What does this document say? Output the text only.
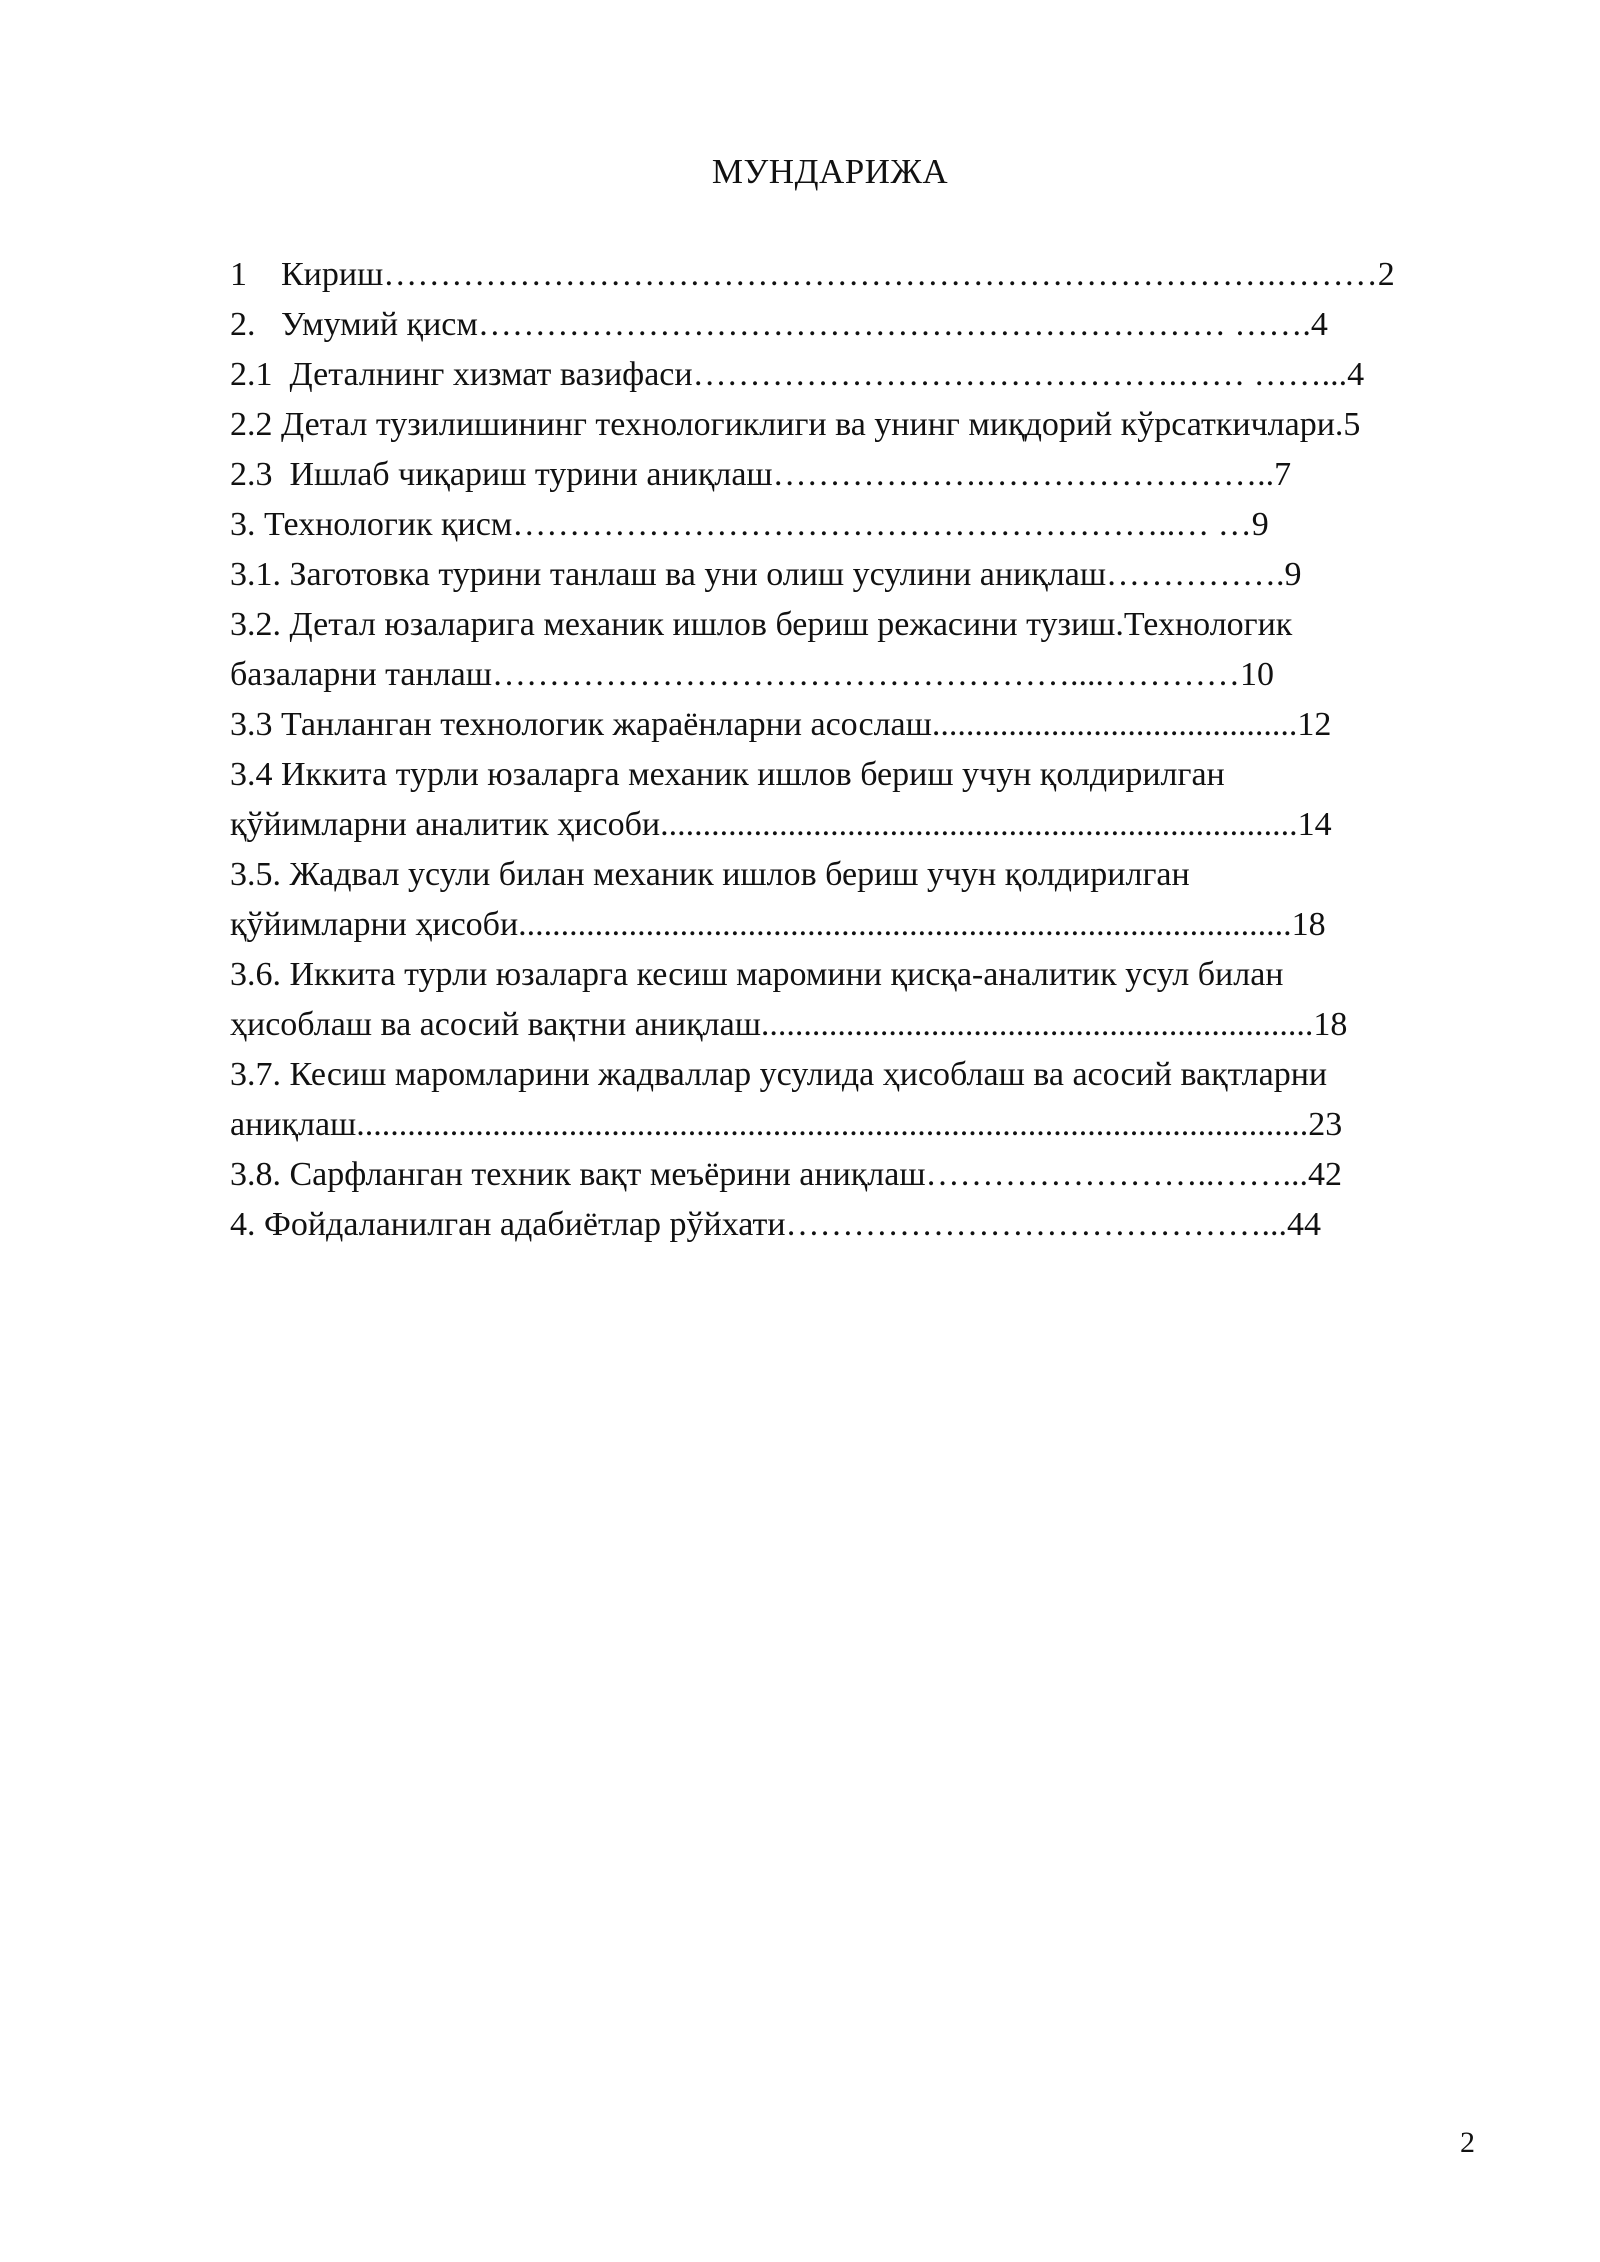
МУНДАРИЖА
1    Кириш…………………………………………………………………….………2
2.   Умумий қисм………………………………………………………… …….4
2.1  Деталнинг хизмат вазифаси…………………………………….…… ……...4
2.2 Детал тузилишининг технологиклиги ва унинг миқдорий кўрсаткичлари.5
2.3  Ишлаб чиқариш турини аниқлаш……………….……………………..7
3. Технологик қисм…………………………………………………..… …9
3.1. Заготовка турини танлаш ва уни олиш усулини аниқлаш…………….9
3.2. Детал юзаларига механик ишлов бериш режасини тузиш.Технологик
базаларни танлаш……………………………………………....…………10
3.3 Танланган технологик жараёнларни асослаш...........................................12
3.4 Иккита турли юзаларга механик ишлов бериш учун қолдирилган
қўйимларни аналитик ҳисоби...........................................................................14
3.5. Жадвал усули билан механик ишлов бериш учун қолдирилган
қўйимларни ҳисоби...........................................................................................18
3.6. Иккита турли юзаларга кесиш маромини қисқа-аналитик усул билан
ҳисоблаш ва асосий вақтни аниқлаш.................................................................18
3.7. Кесиш маромларини жадваллар усулида ҳисоблаш ва асосий вақтларни
аниқлаш................................................................................................................23
3.8. Сарфланган техник вақт меъёрини аниқлаш……………………..……...42
4. Фойдаланилган адабиётлар рўйхати……………………………………...44
2
